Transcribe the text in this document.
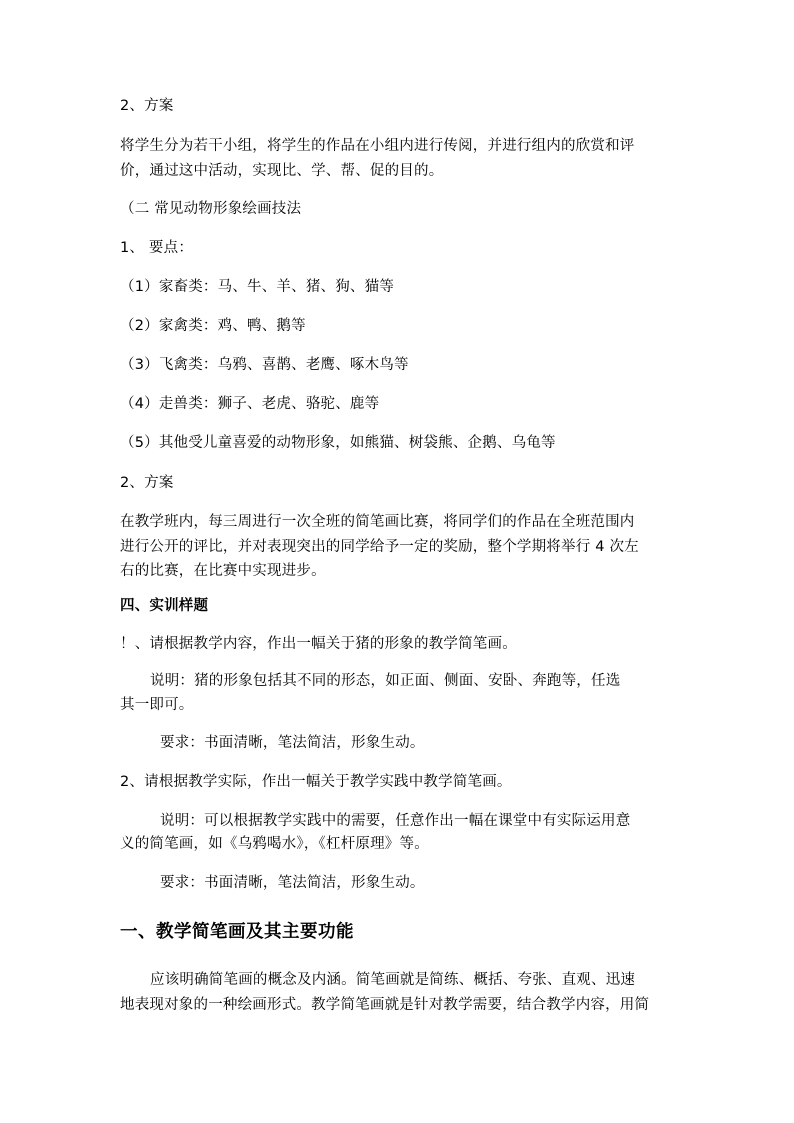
2、方案
将学生分为若干小组，将学生的作品在小组内进行传阅，并进行组内的欣赏和评
价，通过这中活动，实现比、学、帮、促的目的。
（二 常见动物形象绘画技法
1、 要点：
（1）家畜类：马、牛、羊、猪、狗、猫等
（2）家禽类：鸡、鸭、鹅等
（3）飞禽类：乌鸦、喜鹊、老鹰、啄木鸟等
（4）走兽类：狮子、老虎、骆驼、鹿等
（5）其他受儿童喜爱的动物形象，如熊猫、树袋熊、企鹅、乌龟等
2、方案
在教学班内，每三周进行一次全班的简笔画比赛，将同学们的作品在全班范围内
进行公开的评比，并对表现突出的同学给予一定的奖励，整个学期将举行 4 次左
右的比赛，在比赛中实现进步。
四、实训样题
！、请根据教学内容，作出一幅关于猪的形象的教学简笔画。
说明：猪的形象包括其不同的形态，如正面、侧面、安卧、奔跑等，任选
其一即可。
要求：书面清晰，笔法简洁，形象生动。
2、请根据教学实际，作出一幅关于教学实践中教学简笔画。
说明：可以根据教学实践中的需要，任意作出一幅在课堂中有实际运用意
义的简笔画，如《乌鸦喝水》，《杠杆原理》等。
要求：书面清晰，笔法简洁，形象生动。
一、教学简笔画及其主要功能
应该明确简笔画的概念及内涵。简笔画就是简练、概括、夸张、直观、迅速
地表现对象的一种绘画形式。教学简笔画就是针对教学需要，结合教学内容，用简
